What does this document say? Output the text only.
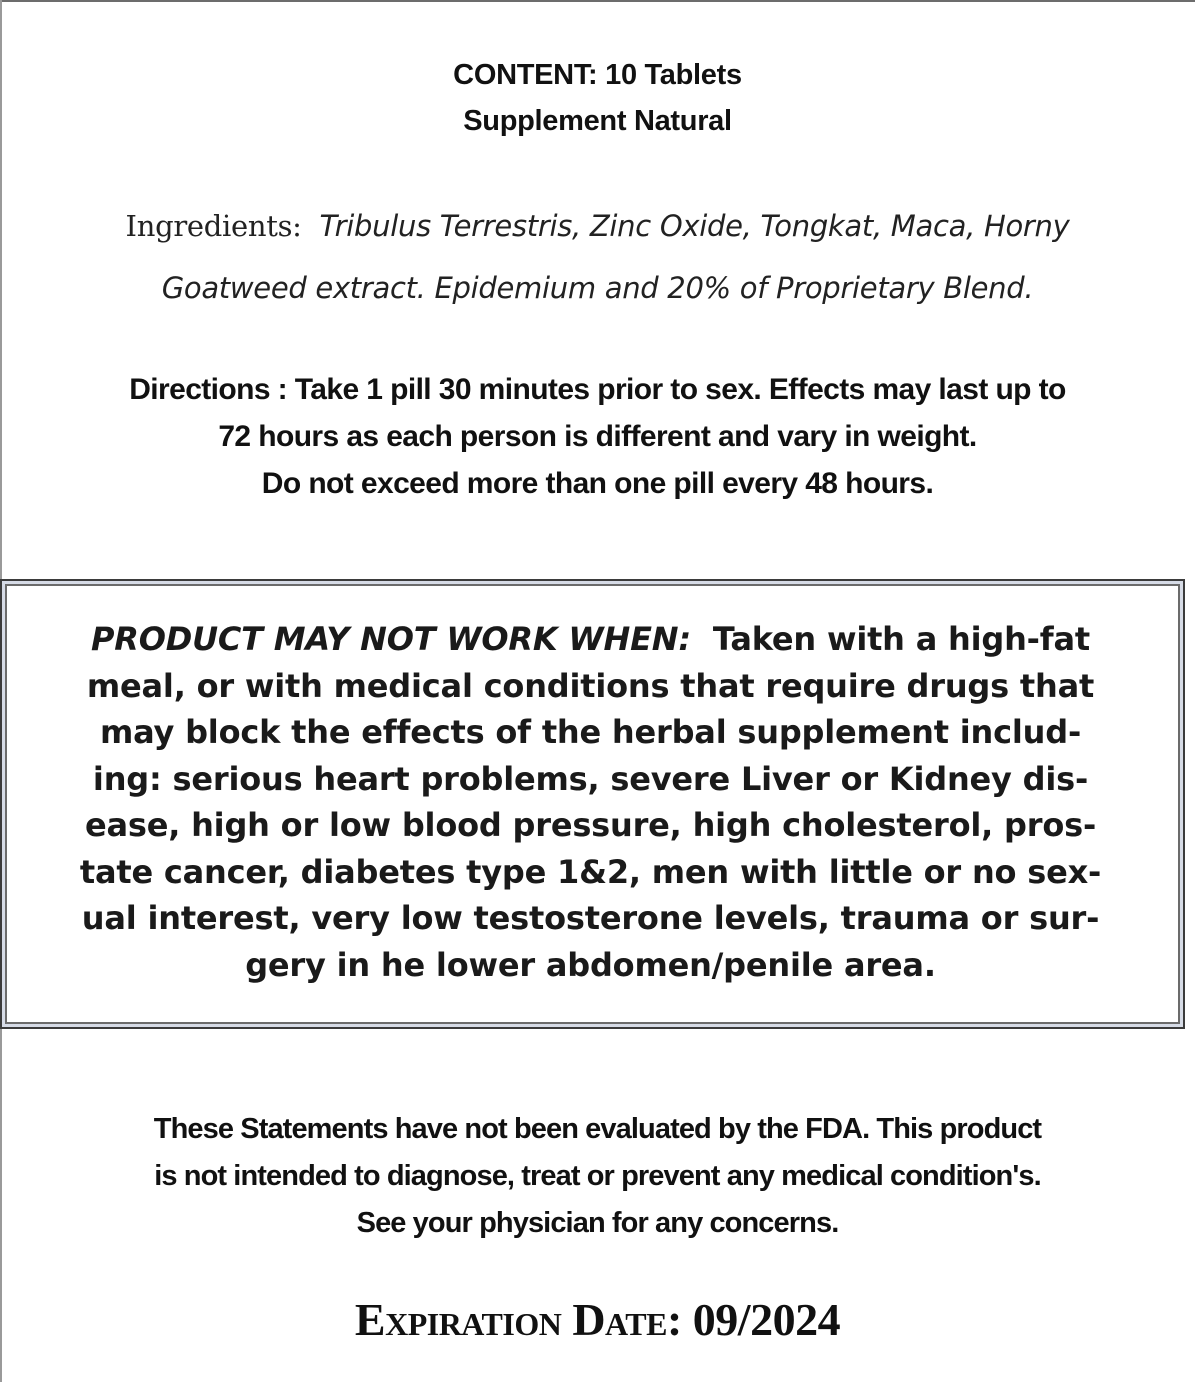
CONTENT: 10 Tablets
Supplement Natural
Ingredients: Tribulus Terrestris, Zinc Oxide, Tongkat, Maca, Horny
Goatweed extract. Epidemium and 20% of Proprietary Blend.
Directions : Take 1 pill 30 minutes prior to sex. Effects may last up to
72 hours as each person is different and vary in weight.
Do not exceed more than one pill every 48 hours.
PRODUCT MAY NOT WORK WHEN: Taken with a high-fat
meal, or with medical conditions that require drugs that
may block the effects of the herbal supplement includ-
ing: serious heart problems, severe Liver or Kidney dis-
ease, high or low blood pressure, high cholesterol, pros-
tate cancer, diabetes type 1&2, men with little or no sex-
ual interest, very low testosterone levels, trauma or sur-
gery in he lower abdomen/penile area.
These Statements have not been evaluated by the FDA. This product
is not intended to diagnose, treat or prevent any medical condition's.
See your physician for any concerns.
Expiration Date: 09/2024
